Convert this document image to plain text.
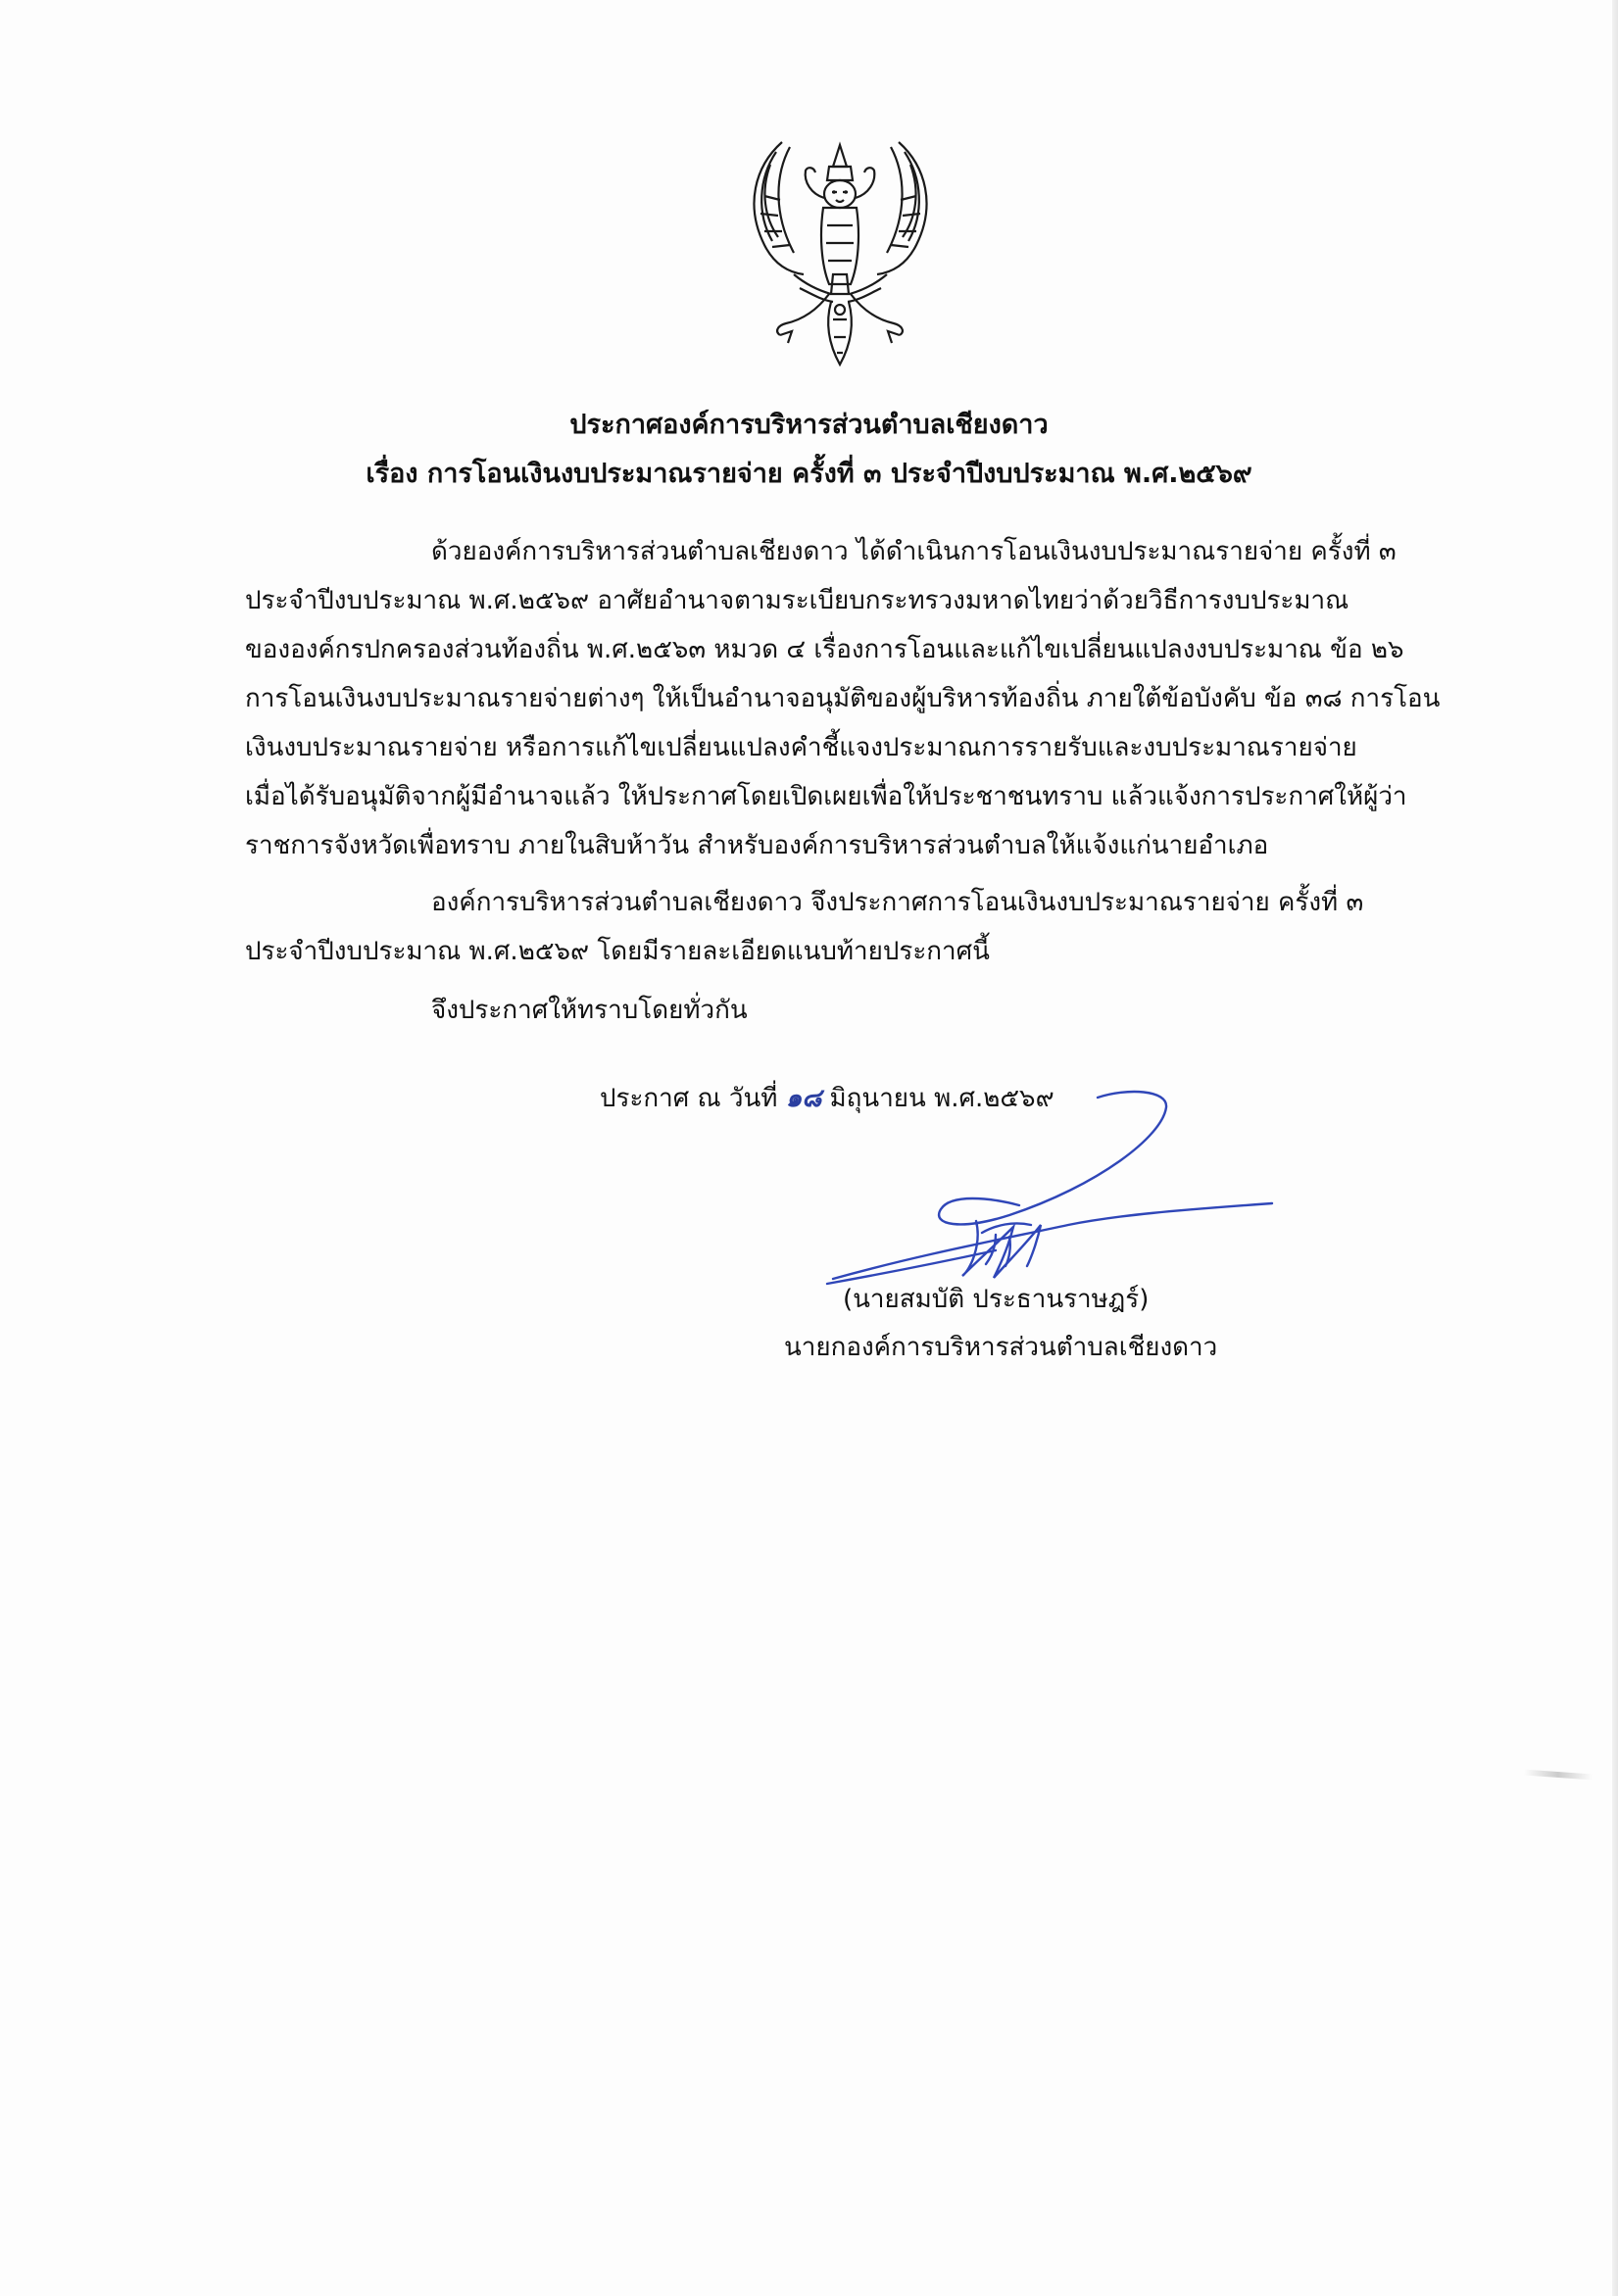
ประกาศองค์การบริหารส่วนตำบลเชียงดาว
เรื่อง การโอนเงินงบประมาณรายจ่าย ครั้งที่ ๓ ประจำปีงบประมาณ พ.ศ.๒๕๖๙
ด้วยองค์การบริหารส่วนตำบลเชียงดาว ได้ดำเนินการโอนเงินงบประมาณรายจ่าย ครั้งที่ ๓
ประจำปีงบประมาณ พ.ศ.๒๕๖๙ อาศัยอำนาจตามระเบียบกระทรวงมหาดไทยว่าด้วยวิธีการงบประมาณ
ขององค์กรปกครองส่วนท้องถิ่น พ.ศ.๒๕๖๓ หมวด ๔ เรื่องการโอนและแก้ไขเปลี่ยนแปลงงบประมาณ ข้อ ๒๖
การโอนเงินงบประมาณรายจ่ายต่างๆ ให้เป็นอำนาจอนุมัติของผู้บริหารท้องถิ่น ภายใต้ข้อบังคับ ข้อ ๓๘ การโอน
เงินงบประมาณรายจ่าย หรือการแก้ไขเปลี่ยนแปลงคำชี้แจงประมาณการรายรับและงบประมาณรายจ่าย
เมื่อได้รับอนุมัติจากผู้มีอำนาจแล้ว ให้ประกาศโดยเปิดเผยเพื่อให้ประชาชนทราบ แล้วแจ้งการประกาศให้ผู้ว่า
ราชการจังหวัดเพื่อทราบ ภายในสิบห้าวัน สำหรับองค์การบริหารส่วนตำบลให้แจ้งแก่นายอำเภอ
องค์การบริหารส่วนตำบลเชียงดาว จึงประกาศการโอนเงินงบประมาณรายจ่าย ครั้งที่ ๓
ประจำปีงบประมาณ พ.ศ.๒๕๖๙ โดยมีรายละเอียดแนบท้ายประกาศนี้
จึงประกาศให้ทราบโดยทั่วกัน
ประกาศ ณ วันที่ ๑๘ มิถุนายน พ.ศ.๒๕๖๙
(นายสมบัติ ประธานราษฎร์)
นายกองค์การบริหารส่วนตำบลเชียงดาว
